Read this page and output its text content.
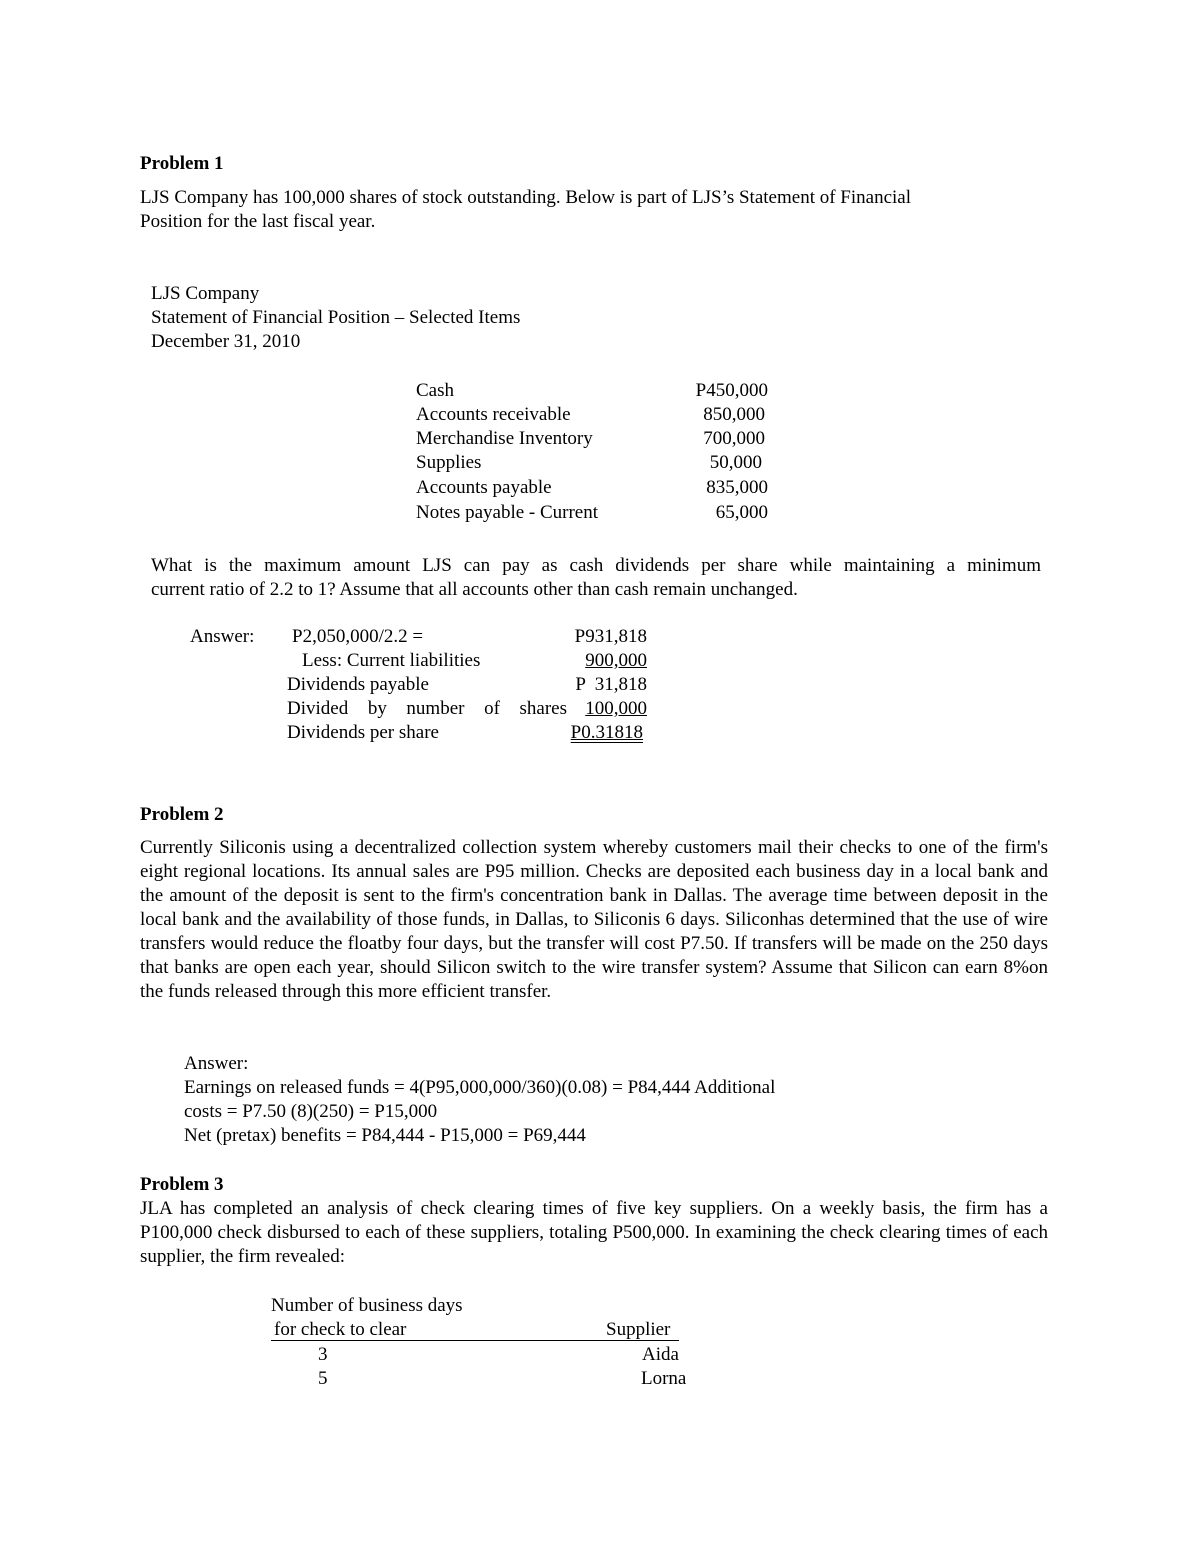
Problem 1
LJS Company has 100,000 shares of stock outstanding. Below is part of LJS’s Statement of Financial
Position for the last fiscal year.
LJS Company
Statement of Financial Position – Selected Items
December 31, 2010
Cash	P450,000
Accounts receivable	850,000
Merchandise Inventory	700,000
Supplies	50,000
Accounts payable	835,000
Notes payable - Current	65,000
What is the maximum amount LJS can pay as cash dividends per share while maintaining a minimum
current ratio of 2.2 to 1? Assume that all accounts other than cash remain unchanged.
Answer: P2,050,000/2.2 =	P931,818
Less: Current liabilities	900,000
Dividends payable	P  31,818
Divided by number of shares 100,000
Dividends per share	P0.31818
Problem 2
Currently Siliconis using a decentralized collection system whereby customers mail their checks to one of the firm's eight regional locations. Its annual sales are P95 million. Checks are deposited each business day in a local bank and the amount of the deposit is sent to the firm's concentration bank in Dallas. The average time between deposit in the local bank and the availability of those funds, in Dallas, to Siliconis 6 days. Siliconhas determined that the use of wire transfers would reduce the floatby four days, but the transfer will cost P7.50. If transfers will be made on the 250 days that banks are open each year, should Silicon switch to the wire transfer system? Assume that Silicon can earn 8%on the funds released through this more efficient transfer.
Answer:
Earnings on released funds = 4(P95,000,000/360)(0.08) = P84,444 Additional
costs = P7.50 (8)(250) = P15,000
Net (pretax) benefits = P84,444 - P15,000 = P69,444
Problem 3
JLA has completed an analysis of check clearing times of five key suppliers. On a weekly basis, the firm has a P100,000 check disbursed to each of these suppliers, totaling P500,000. In examining the check clearing times of each supplier, the firm revealed:
Number of business days
for check to clear	Supplier
3	Aida
5	Lorna
